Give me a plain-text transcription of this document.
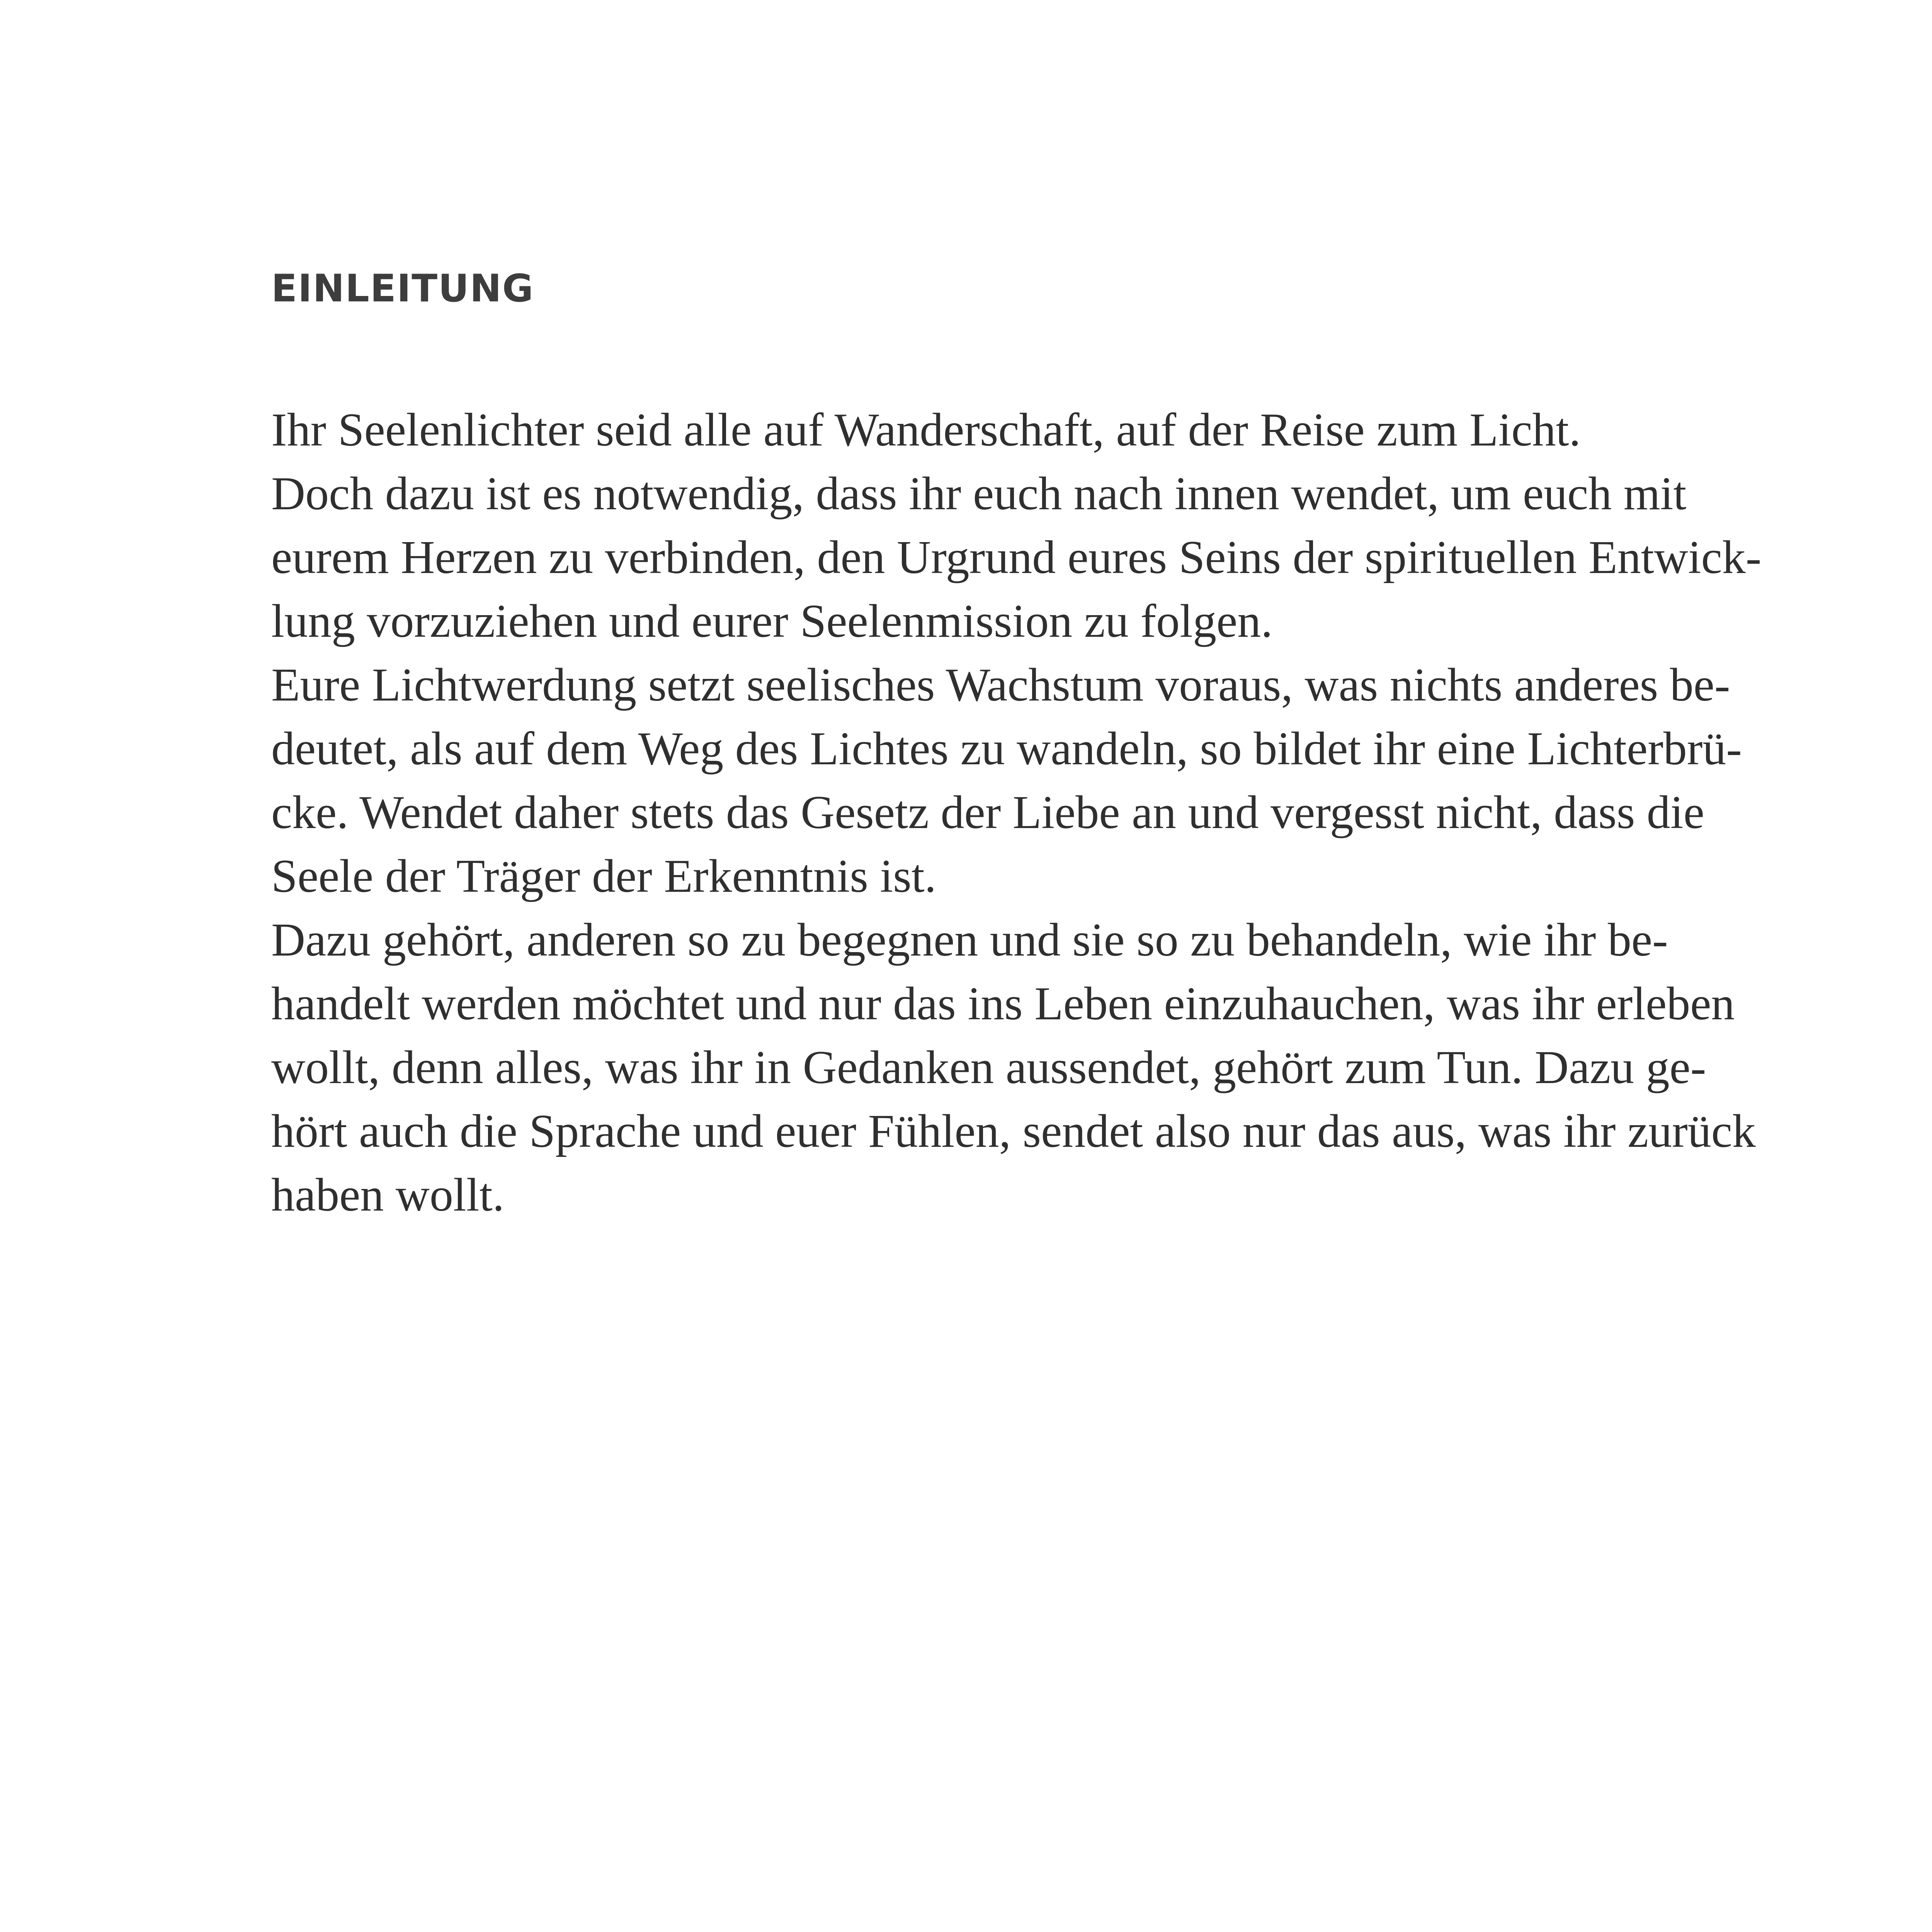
EINLEITUNG
Ihr Seelenlichter seid alle auf Wanderschaft, auf der Reise zum Licht.
Doch dazu ist es notwendig, dass ihr euch nach innen wendet, um euch mit
eurem Herzen zu verbinden, den Urgrund eures Seins der spirituellen Entwick-
lung vorzuziehen und eurer Seelenmission zu folgen.
Eure Lichtwerdung setzt seelisches Wachstum voraus, was nichts anderes be-
deutet, als auf dem Weg des Lichtes zu wandeln, so bildet ihr eine Lichterbrü-
cke. Wendet daher stets das Gesetz der Liebe an und vergesst nicht, dass die
Seele der Träger der Erkenntnis ist.
Dazu gehört, anderen so zu begegnen und sie so zu behandeln, wie ihr be-
handelt werden möchtet und nur das ins Leben einzuhauchen, was ihr erleben
wollt, denn alles, was ihr in Gedanken aussendet, gehört zum Tun. Dazu ge-
hört auch die Sprache und euer Fühlen, sendet also nur das aus, was ihr zurück
haben wollt.
